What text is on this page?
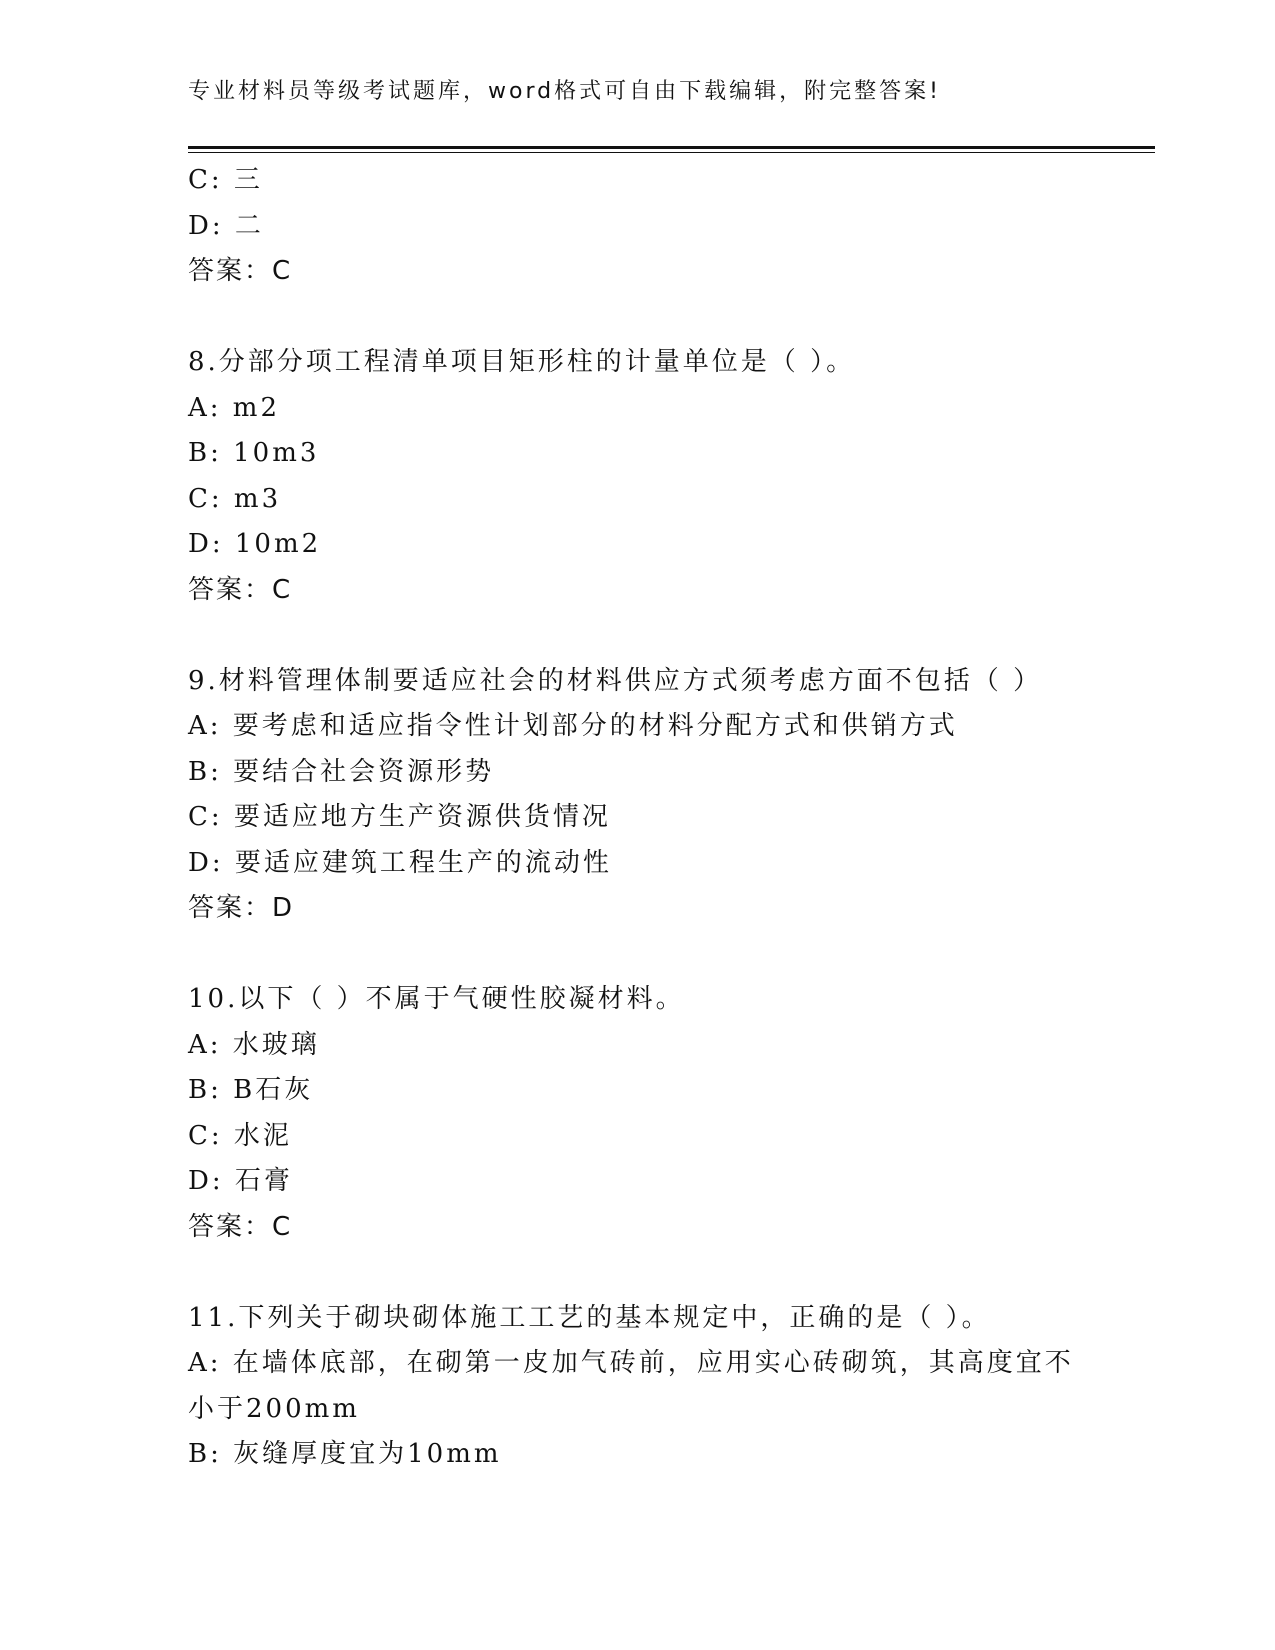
专业材料员等级考试题库，word格式可自由下载编辑，附完整答案!
C: 三
D: 二
答案：C
8.分部分项工程清单项目矩形柱的计量单位是（ ）。
A: m2
B: 10m3
C: m3
D: 10m2
答案：C
9.材料管理体制要适应社会的材料供应方式须考虑方面不包括（ ）
A: 要考虑和适应指令性计划部分的材料分配方式和供销方式
B: 要结合社会资源形势
C: 要适应地方生产资源供货情况
D: 要适应建筑工程生产的流动性
答案：D
10.以下（ ）不属于气硬性胶凝材料。
A: 水玻璃
B: B石灰
C: 水泥
D: 石膏
答案：C
11.下列关于砌块砌体施工工艺的基本规定中，正确的是（ ）。
A: 在墙体底部，在砌第一皮加气砖前，应用实心砖砌筑，其高度宜不
小于200mm
B: 灰缝厚度宜为10mm
